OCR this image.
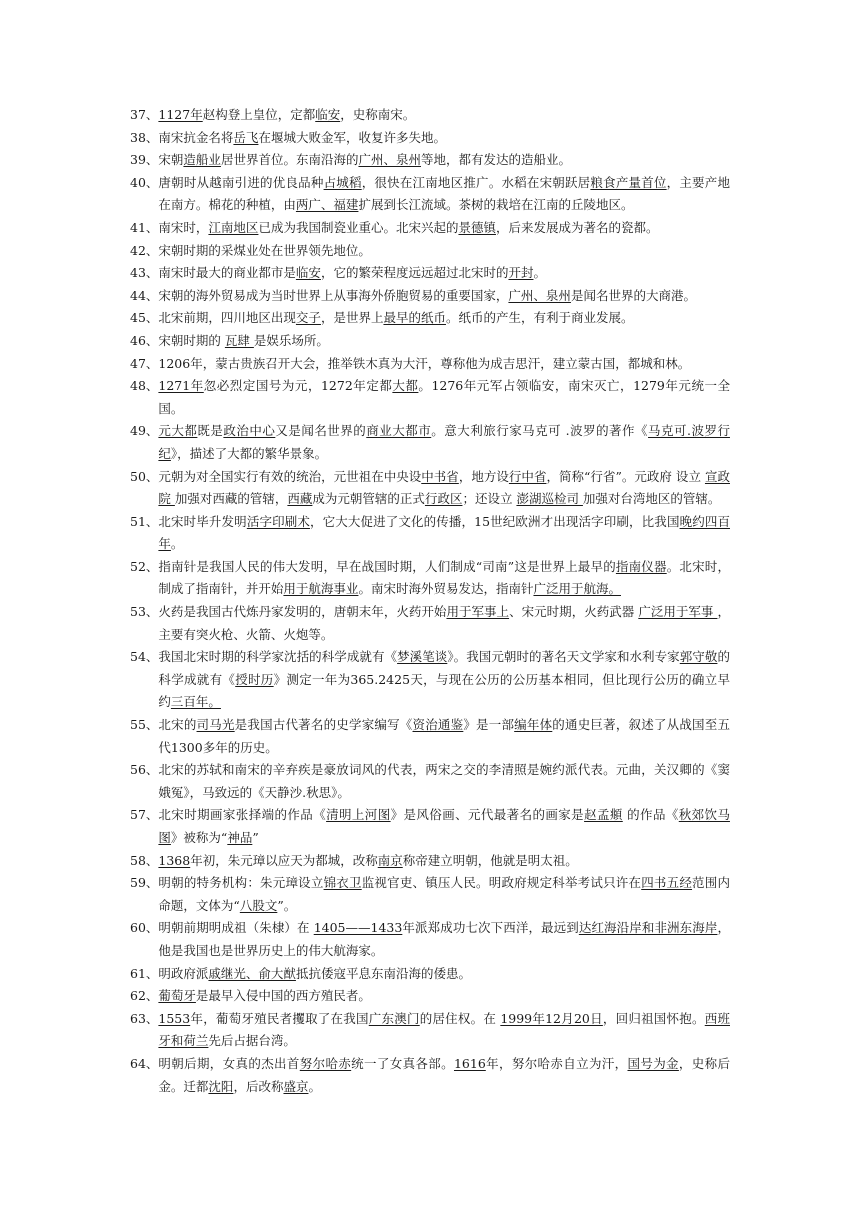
37、 1127年赵构登上皇位，定都临安，史称南宋。
38、 南宋抗金名将岳飞在堰城大败金军，收复许多失地。
39、 宋朝造船业居世界首位。东南沿海的广州、泉州等地，都有发达的造船业。
40、 唐朝时从越南引进的优良品种占城稻，很快在江南地区推广。水稻在宋朝跃居粮食产量首位，主要产地在南方。棉花的种植，由两广、福建扩展到长江流域。茶树的栽培在江南的丘陵地区。
41、 南宋时，江南地区已成为我国制瓷业重心。北宋兴起的景德镇，后来发展成为著名的瓷都。
42、 宋朝时期的采煤业处在世界领先地位。
43、 南宋时最大的商业都市是临安，它的繁荣程度远远超过北宋时的开封。
44、 宋朝的海外贸易成为当时世界上从事海外侨胞贸易的重要国家，广州、泉州是闻名世界的大商港。
45、 北宋前期，四川地区出现交子，是世界上最早的纸币。纸币的产生，有利于商业发展。
46、 宋朝时期的 瓦肆 是娱乐场所。
47、 1206年，蒙古贵族召开大会，推举铁木真为大汗，尊称他为成吉思汗，建立蒙古国，都城和林。
48、 1271年忽必烈定国号为元，1272年定都大都。1276年元军占领临安，南宋灭亡，1279年元统一全国。
49、 元大都既是政治中心又是闻名世界的商业大都市。意大利旅行家马克可 .波罗的著作《马克可.波罗行纪》，描述了大都的繁华景象。
50、 元朝为对全国实行有效的统治，元世祖在中央设中书省，地方设行中省，简称“行省”。元政府 设立 宣政院 加强对西藏的管辖，西藏成为元朝管辖的正式行政区；还设立 澎湖巡检司 加强对台湾地区的管辖。
51、 北宋时毕升发明活字印刷术，它大大促进了文化的传播，15世纪欧洲才出现活字印刷，比我国晚约四百年。
52、 指南针是我国人民的伟大发明，早在战国时期，人们制成“司南”这是世界上最早的指南仪器。北宋时，制成了指南针，并开始用于航海事业。南宋时海外贸易发达，指南针广泛用于航海。
53、 火药是我国古代炼丹家发明的，唐朝末年，火药开始用于军事上、宋元时期，火药武器 广泛用于军事 ，主要有突火枪、火箭、火炮等。
54、 我国北宋时期的科学家沈括的科学成就有《梦溪笔谈》。我国元朝时的著名天文学家和水利专家郭守敬的科学成就有《授时历》测定一年为365.2425天，与现在公历的公历基本相同，但比现行公历的确立早约三百年。
55、 北宋的司马光是我国古代著名的史学家编写《资治通鉴》是一部编年体的通史巨著，叙述了从战国至五代1300多年的历史。
56、 北宋的苏轼和南宋的辛弃疾是豪放词风的代表，两宋之交的李清照是婉约派代表。元曲，关汉卿的《窦娥冤》，马致远的《天静沙.秋思》。
57、 北宋时期画家张择端的作品《清明上河图》是风俗画、元代最著名的画家是赵孟頫 的作品《秋郊饮马图》被称为“神品”
58、 1368年初，朱元璋以应天为都城，改称南京称帝建立明朝，他就是明太祖。
59、 明朝的特务机构：朱元璋设立锦衣卫监视官吏、镇压人民。明政府规定科举考试只许在四书五经范围内命题，文体为“八股文”。
60、 明朝前期明成祖（朱棣）在 1405——1433年派郑成功七次下西洋，最远到达红海沿岸和非洲东海岸，他是我国也是世界历史上的伟大航海家。
61、 明政府派戚继光、俞大猷抵抗倭寇平息东南沿海的倭患。
62、 葡萄牙是最早入侵中国的西方殖民者。
63、 1553年，葡萄牙殖民者攫取了在我国广东澳门的居住权。在 1999年12月20日，回归祖国怀抱。西班牙和荷兰先后占据台湾。
64、 明朝后期，女真的杰出首努尔哈赤统一了女真各部。1616年，努尔哈赤自立为汗，国号为金，史称后金。迁都沈阳，后改称盛京。
